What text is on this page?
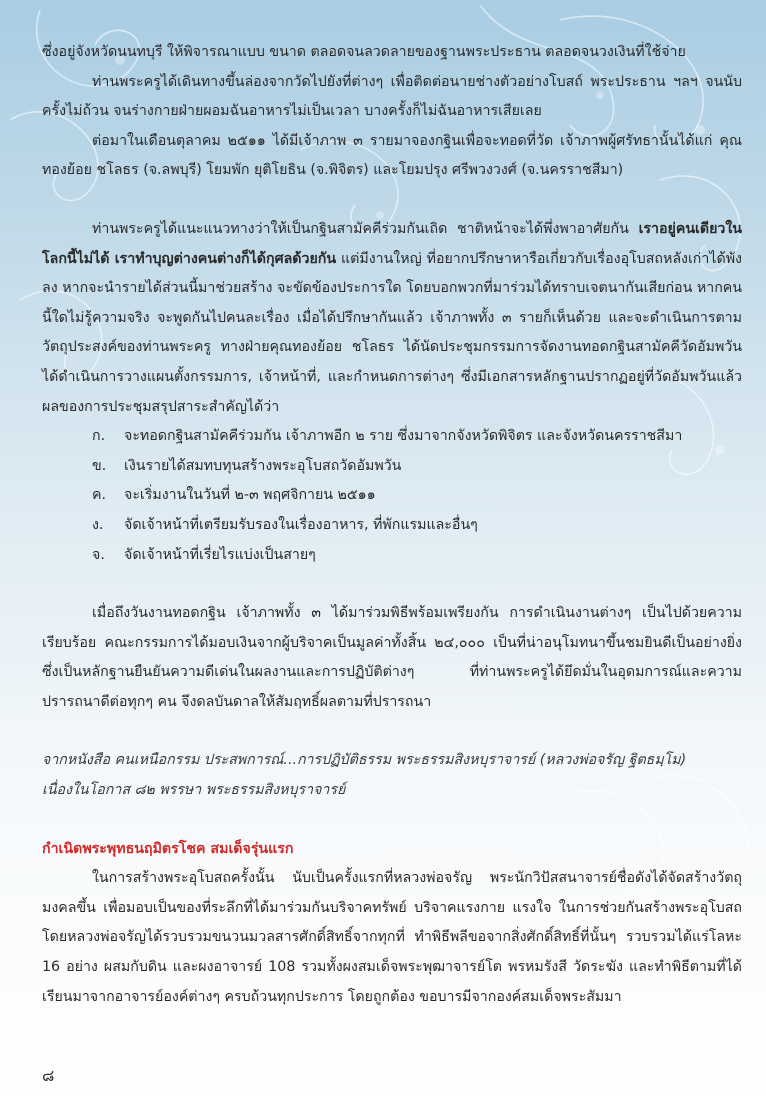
ซึ่งอยู่จังหวัดนนทบุรี ให้พิจารณาแบบ ขนาด ตลอดจนลวดลายของฐานพระประธาน ตลอดจนวงเงินที่ใช้จ่าย

ท่านพระครูได้เดินทางขึ้นล่องจากวัดไปยังที่ต่างๆ เพื่อติดต่อนายช่างตัวอย่างโบสถ์ พระประธาน ฯลฯ จนนับครั้งไม่ถ้วน จนร่างกายฝ่ายผอมฉันอาหารไม่เป็นเวลา บางครั้งก็ไม่ฉันอาหารเสียเลย

ต่อมาในเดือนตุลาคม ๒๕๑๑ ได้มีเจ้าภาพ ๓ รายมาจองกฐินเพื่อจะทอดที่วัด เจ้าภาพผู้ศรัทธานั้นได้แก่ คุณทองย้อย ชโลธร (จ.ลพบุรี) โยมพัก ยุติโยธิน (จ.พิจิตร) และโยมปรุง ศรีพวงวงศ์ (จ.นครราชสีมา)

ท่านพระครูได้แนะแนวทางว่าให้เป็นกฐินสามัคคีร่วมกันเถิด ชาติหน้าจะได้พึ่งพาอาศัยกัน เราอยู่คนเดียวในโลกนี้ไม่ได้ เราทำบุญต่างคนต่างก็ได้กุศลด้วยกัน แต่มีงานใหญ่ ที่อยากปรึกษาหารือเกี่ยวกับเรื่องอุโบสถหลังเก่าได้พังลง หากจะนำรายได้ส่วนนี้มาช่วยสร้าง จะขัดข้องประการใด โดยบอกพวกที่มาร่วมได้ทราบเจตนากันเสียก่อน หากคนนี้ใดไม่รู้ความจริง จะพูดกันไปคนละเรื่อง เมื่อได้ปรึกษากันแล้ว เจ้าภาพทั้ง ๓ รายก็เห็นด้วย และจะดำเนินการตามวัตถุประสงค์ของท่านพระครู ทางฝ่ายคุณทองย้อย ชโลธร ได้นัดประชุมกรรมการจัดงานทอดกฐินสามัคคีวัดอัมพวัน ได้ดำเนินการวางแผนตั้งกรรมการ, เจ้าหน้าที่, และกำหนดการต่างๆ ซึ่งมีเอกสารหลักฐานปรากฏอยู่ที่วัดอัมพวันแล้ว ผลของการประชุมสรุปสาระสำคัญได้ว่า

ก.	จะทอดกฐินสามัคคีร่วมกัน เจ้าภาพอีก ๒ ราย ซึ่งมาจากจังหวัดพิจิตร และจังหวัดนครราชสีมา
ข.	เงินรายได้สมทบทุนสร้างพระอุโบสถวัดอัมพวัน
ค.	จะเริ่มงานในวันที่ ๒-๓ พฤศจิกายน ๒๕๑๑
ง.	จัดเจ้าหน้าที่เตรียมรับรองในเรื่องอาหาร, ที่พักแรมและอื่นๆ
จ.	จัดเจ้าหน้าที่เรี่ยไรแบ่งเป็นสายๆ

เมื่อถึงวันงานทอดกฐิน เจ้าภาพทั้ง ๓ ได้มาร่วมพิธีพร้อมเพรียงกัน การดำเนินงานต่างๆ เป็นไปด้วยความเรียบร้อย คณะกรรมการได้มอบเงินจากผู้บริจาคเป็นมูลค่าทั้งสิ้น ๒๔,๐๐๐ เป็นที่น่าอนุโมทนาขึ้นชมยินดีเป็นอย่างยิ่ง ซึ่งเป็นหลักฐานยืนยันความดีเด่นในผลงานและการปฏิบัติต่างๆ ที่ท่านพระครูได้ยึดมั่นในอุดมการณ์และความปรารถนาดีต่อทุกๆ คน จึงดลบันดาลให้สัมฤทธิ์ผลตามที่ปรารถนา

จากหนังสือ คนเหนือกรรม ประสพการณ์...การปฏิบัติธรรม พระธรรมสิงหบุราจารย์ (หลวงพ่อจรัญ ฐิตธมฺโม)

เนื่องในโอกาส ๘๒ พรรษา พระธรรมสิงหบุราจารย์

กำเนิดพระพุทธนฤมิตรโชค สมเด็จรุ่นแรก

ในการสร้างพระอุโบสถครั้งนั้น นับเป็นครั้งแรกที่หลวงพ่อจรัญ พระนักวิปัสสนาจารย์ชื่อดังได้จัดสร้างวัตถุมงคลขึ้น เพื่อมอบเป็นของที่ระลึกที่ได้มาร่วมกันบริจาคทรัพย์ บริจาคแรงกาย แรงใจ ในการช่วยกันสร้างพระอุโบสถ โดยหลวงพ่อจรัญได้รวบรวมขนวนมวลสารศักดิ์สิทธิ์จากทุกที่ ทำพิธีพลีขอจากสิ่งศักดิ์สิทธิ์ที่นั้นๆ รวบรวมได้แร่โลหะ 16 อย่าง ผสมกับดิน และผงอาจารย์ 108 รวมทั้งผงสมเด็จพระพุฒาจารย์โต พรหมรังสี วัดระฆัง และทำพิธีตามที่ได้เรียนมาจากอาจารย์องค์ต่างๆ ครบถ้วนทุกประการ โดยถูกต้อง ขอบารมีจากองค์สมเด็จพระสัมมา

๘
